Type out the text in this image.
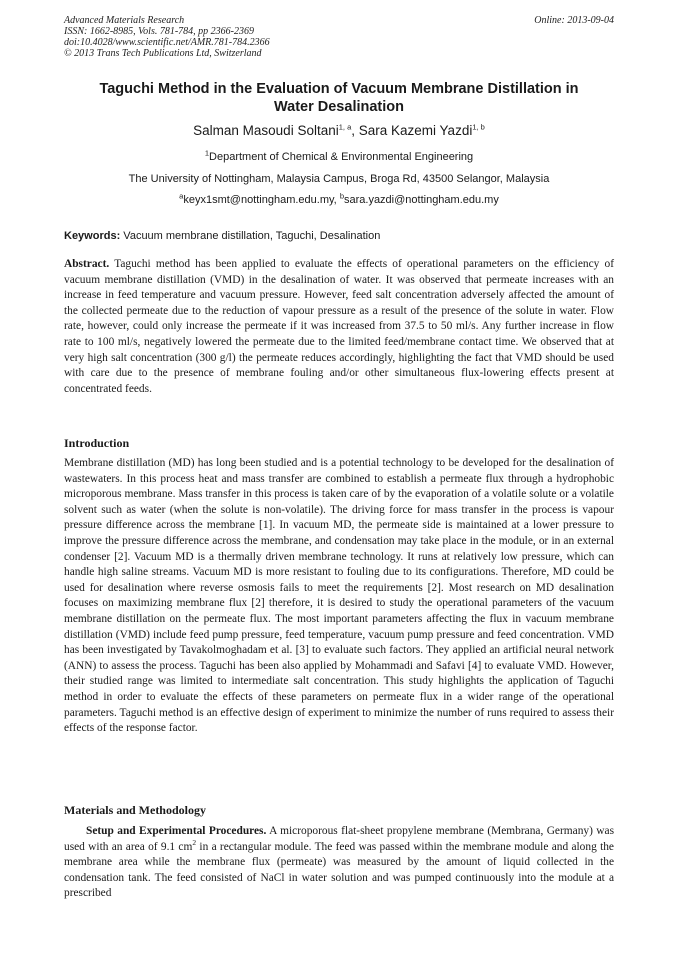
Advanced Materials Research
ISSN: 1662-8985, Vols. 781-784, pp 2366-2369
doi:10.4028/www.scientific.net/AMR.781-784.2366
© 2013 Trans Tech Publications Ltd, Switzerland
Online: 2013-09-04
Taguchi Method in the Evaluation of Vacuum Membrane Distillation in
Water Desalination
Salman Masoudi Soltani$^{1, a}$, Sara Kazemi Yazdi$^{1, b}$
$^1$Department of Chemical & Environmental Engineering
The University of Nottingham, Malaysia Campus, Broga Rd, 43500 Selangor, Malaysia
$^a$keyx1smt@nottingham.edu.my, $^b$sara.yazdi@nottingham.edu.my
Keywords: Vacuum membrane distillation, Taguchi, Desalination

Abstract. Taguchi method has been applied to evaluate the effects of operational parameters on the efficiency of vacuum membrane distillation (VMD) in the desalination of water. It was observed that permeate increases with an increase in feed temperature and vacuum pressure. However, feed salt concentration adversely affected the amount of the collected permeate due to the reduction of vapour pressure as a result of the presence of the solute in water. Flow rate, however, could only increase the permeate if it was increased from 37.5 to 50 ml/s. Any further increase in flow rate to 100 ml/s, negatively lowered the permeate due to the limited feed/membrane contact time. We observed that at very high salt concentration (300 g/l) the permeate reduces accordingly, highlighting the fact that VMD should be used with care due to the presence of membrane fouling and/or other simultaneous flux-lowering effects present at concentrated feeds.

Introduction

Membrane distillation (MD) has long been studied and is a potential technology to be developed for the desalination of wastewaters. In this process heat and mass transfer are combined to establish a permeate flux through a hydrophobic microporous membrane. Mass transfer in this process is taken care of by the evaporation of a volatile solute or a volatile solvent such as water (when the solute is non-volatile). The driving force for mass transfer in the process is vapour pressure difference across the membrane [1]. In vacuum MD, the permeate side is maintained at a lower pressure to improve the pressure difference across the membrane, and condensation may take place in the module, or in an external condenser [2]. Vacuum MD is a thermally driven membrane technology. It runs at relatively low pressure, which can handle high saline streams. Vacuum MD is more resistant to fouling due to its configurations. Therefore, MD could be used for desalination where reverse osmosis fails to meet the requirements [2]. Most research on MD desalination focuses on maximizing membrane flux [2] therefore, it is desired to study the operational parameters of the vacuum membrane distillation on the permeate flux. The most important parameters affecting the flux in vacuum membrane distillation (VMD) include feed pump pressure, feed temperature, vacuum pump pressure and feed concentration. VMD has been investigated by Tavakolmoghadam et al. [3] to evaluate such factors. They applied an artificial neural network (ANN) to assess the process. Taguchi has been also applied by Mohammadi and Safavi [4] to evaluate VMD. However, their studied range was limited to intermediate salt concentration. This study highlights the application of Taguchi method in order to evaluate the effects of these parameters on permeate flux in a wider range of the operational parameters. Taguchi method is an effective design of experiment to minimize the number of runs required to assess their effects of the response factor.

Materials and Methodology

Setup and Experimental Procedures. A microporous flat-sheet propylene membrane (Membrana, Germany) was used with an area of 9.1 $cm^2$ in a rectangular module. The feed was passed within the membrane module and along the membrane area while the membrane flux (permeate) was measured by the amount of liquid collected in the condensation tank. The feed consisted of NaCl in water solution and was pumped continuously into the module at a prescribed
